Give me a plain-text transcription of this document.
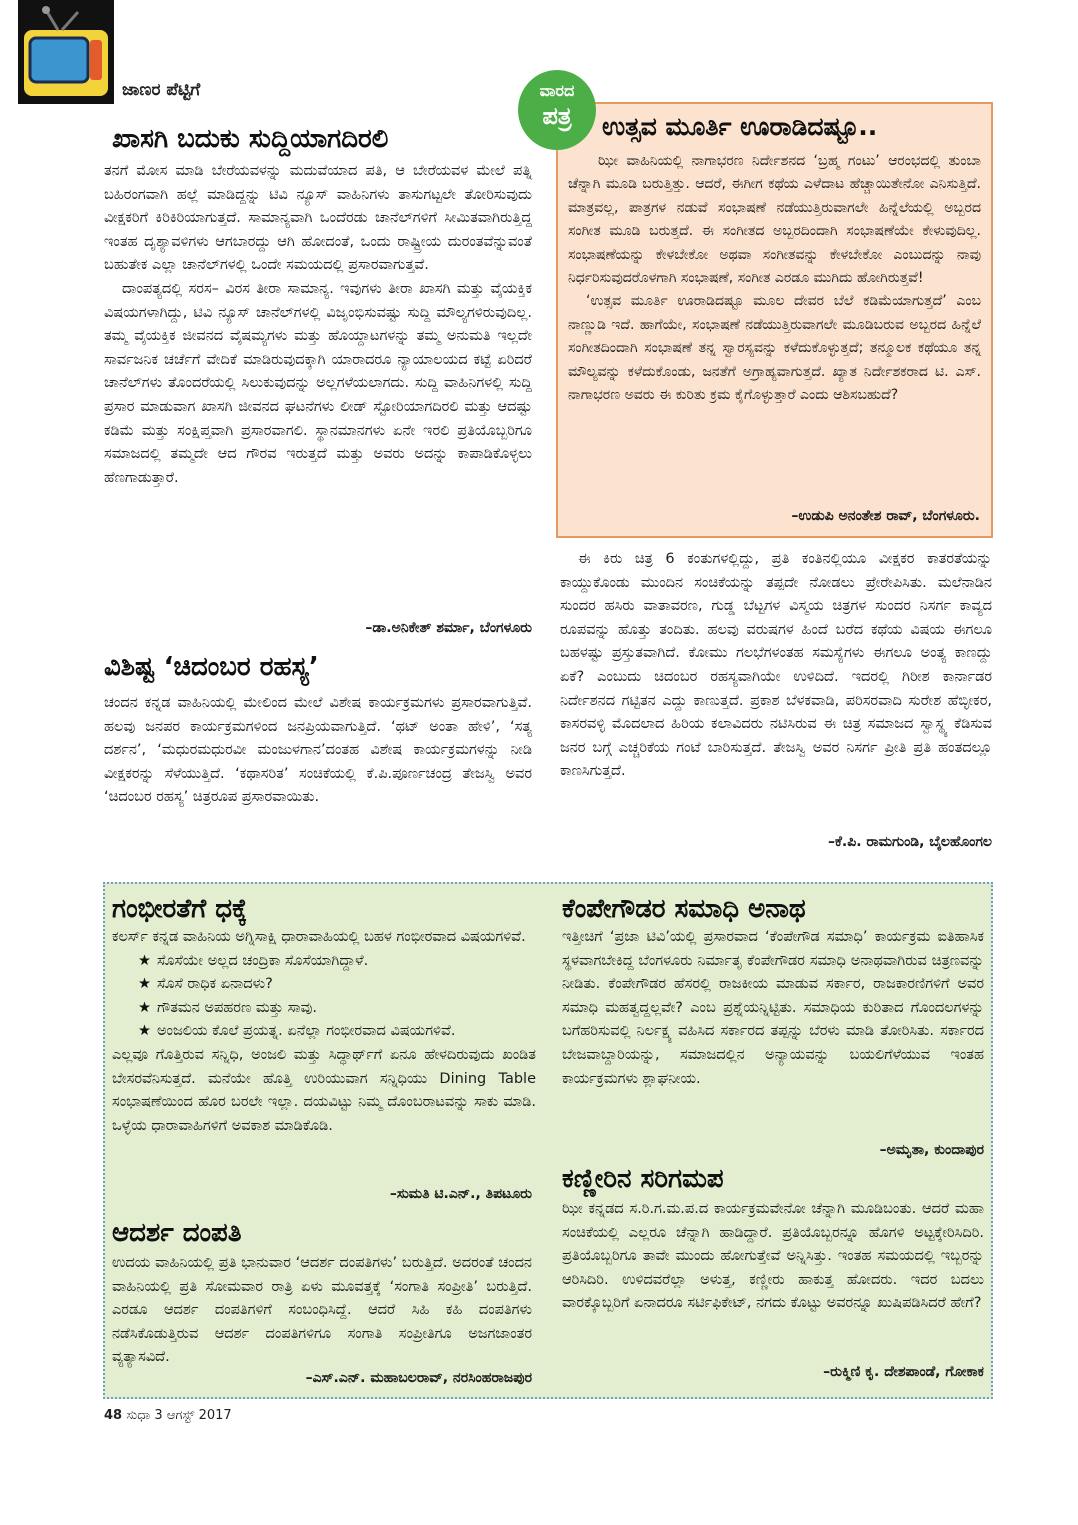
ಜಾಣರ ಪೆಟ್ಟಿಗೆ
ಖಾಸಗಿ ಬದುಕು ಸುದ್ದಿಯಾಗದಿರಲಿ

ತನಗೆ ಮೋಸ ಮಾಡಿ ಬೇರೆಯವಳನ್ನು ಮದುವೆಯಾದ ಪತಿ, ಆ ಬೇರೆಯವಳ ಮೇಲೆ ಪತ್ನಿ ಬಹಿರಂಗವಾಗಿ ಹಲ್ಲೆ ಮಾಡಿದ್ದನ್ನು ಟಿವಿ ನ್ಯೂಸ್ ವಾಹಿನಿಗಳು ತಾಸುಗಟ್ಟಲೇ ತೋರಿಸುವುದು ವೀಕ್ಷಕರಿಗೆ ಕಿರಿಕಿರಿಯಾಗುತ್ತದೆ. ಸಾಮಾನ್ಯವಾಗಿ ಒಂದೆರಡು ಚಾನೆಲ್‌ಗಳಿಗೆ ಸೀಮಿತವಾಗಿರುತ್ತಿದ್ದ ಇಂತಹ ದೃಶ್ಯಾವಳಿಗಳು ಆಗಬಾರದ್ದು ಆಗಿ ಹೋದಂತೆ, ಒಂದು ರಾಷ್ಟ್ರೀಯ ದುರಂತವೆನ್ನುವಂತೆ ಬಹುತೇಕ ಎಲ್ಲಾ ಚಾನೆಲ್‌ಗಳಲ್ಲಿ ಒಂದೇ ಸಮಯದಲ್ಲಿ ಪ್ರಸಾರವಾಗುತ್ತವೆ.

ದಾಂಪತ್ಯದಲ್ಲಿ ಸರಸ– ವಿರಸ ತೀರಾ ಸಾಮಾನ್ಯ. ಇವುಗಳು ತೀರಾ ಖಾಸಗಿ ಮತ್ತು ವೈಯಕ್ತಿಕ ವಿಷಯಗಳಾಗಿದ್ದು, ಟಿವಿ ನ್ಯೂಸ್ ಚಾನೆಲ್‌ಗಳಲ್ಲಿ ವಿಜೃಂಭಿಸುವಷ್ಟು ಸುದ್ದಿ ಮೌಲ್ಯಗಳಿರುವುದಿಲ್ಲ. ತಮ್ಮ ವೈಯಕ್ತಿಕ ಜೀವನದ ವೈಷಮ್ಯಗಳು ಮತ್ತು ಹೊಯ್ದಾಟಗಳನ್ನು ತಮ್ಮ ಅನುಮತಿ ಇಲ್ಲದೇ ಸಾರ್ವಜನಿಕ ಚರ್ಚೆಗೆ ವೇದಿಕೆ ಮಾಡಿರುವುದಕ್ಕಾಗಿ ಯಾರಾದರೂ ನ್ಯಾಯಾಲಯದ ಕಟ್ಟೆ ಏರಿದರೆ ಚಾನೆಲ್‌ಗಳು ತೊಂದರೆಯಲ್ಲಿ ಸಿಲುಕುವುದನ್ನು ಅಲ್ಲಗಳೆಯಲಾಗದು. ಸುದ್ದಿ ವಾಹಿನಿಗಳಲ್ಲಿ ಸುದ್ದಿ ಪ್ರಸಾರ ಮಾಡುವಾಗ ಖಾಸಗಿ ಜೀವನದ ಘಟನೆಗಳು ಲೀಡ್ ಸ್ಟೋರಿಯಾಗದಿರಲಿ ಮತ್ತು ಆದಷ್ಟು ಕಡಿಮೆ ಮತ್ತು ಸಂಕ್ಷಿಪ್ತವಾಗಿ ಪ್ರಸಾರವಾಗಲಿ. ಸ್ಥಾನಮಾನಗಳು ಏನೇ ಇರಲಿ ಪ್ರತಿಯೊಬ್ಬರಿಗೂ ಸಮಾಜದಲ್ಲಿ ತಮ್ಮದೇ ಆದ ಗೌರವ ಇರುತ್ತದೆ ಮತ್ತು ಅವರು ಅದನ್ನು ಕಾಪಾಡಿಕೊಳ್ಳಲು ಹೆಣಗಾಡುತ್ತಾರೆ.

–ಡಾ.ಅನಿಕೇತ್ ಶರ್ಮಾ, ಬೆಂಗಳೂರು
ವಿಶಿಷ್ಟ ‘ಚಿದಂಬರ ರಹಸ್ಯ’

ಚಂದನ ಕನ್ನಡ ವಾಹಿನಿಯಲ್ಲಿ ಮೇಲಿಂದ ಮೇಲೆ ವಿಶೇಷ ಕಾರ್ಯಕ್ರಮಗಳು ಪ್ರಸಾರವಾಗುತ್ತಿವೆ. ಹಲವು ಜನಪರ ಕಾರ್ಯಕ್ರಮಗಳಿಂದ ಜನಪ್ರಿಯವಾಗುತ್ತಿದೆ. ‘ಥಟ್ ಅಂತಾ ಹೇಳಿ’, ‘ಸತ್ಯ ದರ್ಶನ’, ‘ಮಧುರಮಧುರವೀ ಮಂಜುಳಗಾನ’ದಂತಹ ವಿಶೇಷ ಕಾರ್ಯಕ್ರಮಗಳನ್ನು ನೀಡಿ ವೀಕ್ಷಕರನ್ನು ಸೆಳೆಯುತ್ತಿದೆ. ‘ಕಥಾಸರಿತ’ ಸಂಚಿಕೆಯಲ್ಲಿ ಕೆ.ಪಿ.ಪೂರ್ಣಚಂದ್ರ ತೇಜಸ್ವಿ ಅವರ ‘ಚಿದಂಬರ ರಹಸ್ಯ’ ಚಿತ್ರರೂಪ ಪ್ರಸಾರವಾಯಿತು.

ವಾರದ
ಪತ್ರ	ಉತ್ಸವ ಮೂರ್ತಿ ಊರಾಡಿದಷ್ಟೂ..

ಝೀ ವಾಹಿನಿಯಲ್ಲಿ ನಾಗಾಭರಣ ನಿರ್ದೇಶನದ ‘ಬ್ರಹ್ಮ ಗಂಟು’ ಆರಂಭದಲ್ಲಿ ತುಂಬಾ ಚೆನ್ನಾಗಿ ಮೂಡಿ ಬರುತ್ತಿತ್ತು. ಆದರೆ, ಈಗೀಗ ಕಥೆಯ ಎಳೆದಾಟ ಹೆಚ್ಚಾಯಿತೇನೋ ಎನಿಸುತ್ತಿದೆ. ಮಾತ್ರವಲ್ಲ, ಪಾತ್ರಗಳ ನಡುವೆ ಸಂಭಾಷಣೆ ನಡೆಯುತ್ತಿರುವಾಗಲೇ ಹಿನ್ನೆಲೆಯಲ್ಲಿ ಅಬ್ಬರದ ಸಂಗೀತ ಮೂಡಿ ಬರುತ್ತದೆ. ಈ ಸಂಗೀತದ ಅಬ್ಬರದಿಂದಾಗಿ ಸಂಭಾಷಣೆಯೇ ಕೇಳುವುದಿಲ್ಲ. ಸಂಭಾಷಣೆಯನ್ನು ಕೇಳಬೇಕೋ ಅಥವಾ ಸಂಗೀತವನ್ನು ಕೇಳಬೇಕೋ ಎಂಬುದನ್ನು ನಾವು ನಿರ್ಧರಿಸುವುದರೊಳಗಾಗಿ ಸಂಭಾಷಣೆ, ಸಂಗೀತ ಎರಡೂ ಮುಗಿದು ಹೋಗಿರುತ್ತವೆ!

‘ಉತ್ಸವ ಮೂರ್ತಿ ಊರಾಡಿದಷ್ಟೂ ಮೂಲ ದೇವರ ಬೆಲೆ ಕಡಿಮೆಯಾಗುತ್ತದೆ’ ಎಂಬ ನಾಣ್ಣುಡಿ ಇದೆ. ಹಾಗೆಯೇ, ಸಂಭಾಷಣೆ ನಡೆಯುತ್ತಿರುವಾಗಲೇ ಮೂಡಿಬರುವ ಅಬ್ಬರದ ಹಿನ್ನೆಲೆ ಸಂಗೀತದಿಂದಾಗಿ ಸಂಭಾಷಣೆ ತನ್ನ ಸ್ವಾರಸ್ಯವನ್ನು ಕಳೆದುಕೊಳ್ಳುತ್ತದೆ; ತನ್ಮೂಲಕ ಕಥೆಯೂ ತನ್ನ ಮೌಲ್ಯವನ್ನು ಕಳೆದುಕೊಂಡು, ಜನತೆಗೆ ಅಗ್ರಾಹ್ಯವಾಗುತ್ತದೆ. ಖ್ಯಾತ ನಿರ್ದೇಶಕರಾದ ಟಿ. ಎಸ್. ನಾಗಾಭರಣ ಅವರು ಈ ಕುರಿತು ಕ್ರಮ ಕೈಗೊಳ್ಳುತ್ತಾರೆ ಎಂದು ಆಶಿಸಬಹುದೆ?

–ಉಡುಪಿ ಅನಂತೇಶ ರಾವ್, ಬೆಂಗಳೂರು.

ಈ ಕಿರು ಚಿತ್ರ 6 ಕಂತುಗಳಲ್ಲಿದ್ದು, ಪ್ರತಿ ಕಂತಿನಲ್ಲಿಯೂ ವೀಕ್ಷಕರ ಕಾತರತೆಯನ್ನು ಕಾಯ್ದುಕೊಂಡು ಮುಂದಿನ ಸಂಚಿಕೆಯನ್ನು ತಪ್ಪದೇ ನೋಡಲು ಪ್ರೇರೇಪಿಸಿತು. ಮಲೆನಾಡಿನ ಸುಂದರ ಹಸಿರು ವಾತಾವರಣ, ಗುಡ್ಡ ಬೆಟ್ಟಗಳ ವಿಸ್ಮಯ ಚಿತ್ರಗಳ ಸುಂದರ ನಿಸರ್ಗ ಕಾವ್ಯದ ರೂಪವನ್ನು ಹೊತ್ತು ತಂದಿತು. ಹಲವು ವರುಷಗಳ ಹಿಂದೆ ಬರೆದ ಕಥೆಯ ವಿಷಯ ಈಗಲೂ ಬಹಳಷ್ಟು ಪ್ರಸ್ತುತವಾಗಿದೆ. ಕೋಮು ಗಲಭೆಗಳಂತಹ ಸಮಸ್ಯೆಗಳು ಈಗಲೂ ಅಂತ್ಯ ಕಾಣದ್ದು ಏಕೆ? ಎಂಬುದು ಚಿದಂಬರ ರಹಸ್ಯವಾಗಿಯೇ ಉಳಿದಿದೆ. ಇದರಲ್ಲಿ ಗಿರೀಶ ಕಾರ್ನಾಡರ ನಿರ್ದೇಶನದ ಗಟ್ಟಿತನ ಎದ್ದು ಕಾಣುತ್ತದೆ. ಪ್ರಕಾಶ ಬೆಳಕವಾಡಿ, ಪರಿಸರವಾದಿ ಸುರೇಶ ಹೆಬ್ಳೀಕರ, ಕಾಸರವಳ್ಳಿ ಮೊದಲಾದ ಹಿರಿಯ ಕಲಾವಿದರು ನಟಿಸಿರುವ ಈ ಚಿತ್ರ ಸಮಾಜದ ಸ್ವಾಸ್ಥ್ಯ ಕೆಡಿಸುವ ಜನರ ಬಗ್ಗೆ ಎಚ್ಚರಿಕೆಯ ಗಂಟೆ ಬಾರಿಸುತ್ತದೆ. ತೇಜಸ್ವಿ ಅವರ ನಿಸರ್ಗ ಪ್ರೀತಿ ಪ್ರತಿ ಹಂತದಲ್ಲೂ ಕಾಣಸಿಗುತ್ತದೆ.

–ಕೆ.ಪಿ. ರಾಮಗುಂಡಿ, ಬೈಲಹೊಂಗಲ
ಗಂಭೀರತೆಗೆ ಧಕ್ಕೆ
ಕಲರ್ಸ್ ಕನ್ನಡ ವಾಹಿನಿಯ ಅಗ್ನಿಸಾಕ್ಷಿ ಧಾರಾವಾಹಿಯಲ್ಲಿ ಬಹಳ ಗಂಭೀರವಾದ ವಿಷಯಗಳಿವೆ.
★ ಸೊಸೆಯೇ ಅಲ್ಲದ ಚಂದ್ರಿಕಾ ಸೊಸೆಯಾಗಿದ್ದಾಳೆ.
★ ಸೊಸೆ ರಾಧಿಕ ಏನಾದಳು?
★ ಗೌತಮನ ಅಪಹರಣ ಮತ್ತು ಸಾವು.
★ ಅಂಜಲಿಯ ಕೊಲೆ ಪ್ರಯತ್ನ. ಏನೆಲ್ಲಾ ಗಂಭೀರವಾದ ವಿಷಯಗಳಿವೆ.
ಎಲ್ಲವೂ ಗೊತ್ತಿರುವ ಸನ್ನಿಧಿ, ಅಂಜಲಿ ಮತ್ತು ಸಿದ್ಧಾರ್ಥ್‌ಗೆ ಏನೂ ಹೇಳದಿರುವುದು ಖಂಡಿತ ಬೇಸರವೆನಿಸುತ್ತದೆ. ಮನೆಯೇ ಹೊತ್ತಿ ಉರಿಯುವಾಗ ಸನ್ನಿಧಿಯು Dining Table ಸಂಭಾಷಣೆಯಿಂದ ಹೊರ ಬರಲೇ ಇಲ್ಲಾ. ದಯವಿಟ್ಟು ನಿಮ್ಮ ದೊಂಬರಾಟವನ್ನು ಸಾಕು ಮಾಡಿ. ಒಳ್ಳೆಯ ಧಾರಾವಾಹಿಗಳಿಗೆ ಅವಕಾಶ ಮಾಡಿಕೊಡಿ.
–ಸುಮತಿ ಟಿ.ಎನ್., ತಿಪಟೂರು
ಆದರ್ಶ ದಂಪತಿ
ಉದಯ ವಾಹಿನಿಯಲ್ಲಿ ಪ್ರತಿ ಭಾನುವಾರ ‘ಆದರ್ಶ ದಂಪತಿಗಳು’ ಬರುತ್ತಿದೆ. ಅದರಂತೆ ಚಂದನ ವಾಹಿನಿಯಲ್ಲಿ ಪ್ರತಿ ಸೋಮವಾರ ರಾತ್ರಿ ಏಳು ಮೂವತ್ತಕ್ಕೆ ‘ಸಂಗಾತಿ ಸಂಪ್ರೀತಿ’ ಬರುತ್ತಿದೆ. ಎರಡೂ ಆದರ್ಶ ದಂಪತಿಗಳಿಗೆ ಸಂಬಂಧಿಸಿದ್ದೆ. ಆದರೆ ಸಿಹಿ ಕಹಿ ದಂಪತಿಗಳು ನಡೆಸಿಕೊಡುತ್ತಿರುವ ಆದರ್ಶ ದಂಪತಿಗಳಿಗೂ ಸಂಗಾತಿ ಸಂಪ್ರೀತಿಗೂ ಅಜಗಜಾಂತರ ವ್ಯತ್ಯಾಸವಿದೆ.
–ಎಸ್.ಎನ್. ಮಹಾಬಲರಾವ್, ನರಸಿಂಹರಾಜಪುರ
ಕೆಂಪೇಗೌಡರ ಸಮಾಧಿ ಅನಾಥ
ಇತ್ತೀಚಿಗೆ ‘ಪ್ರಜಾ ಟಿವಿ’ಯಲ್ಲಿ ಪ್ರಸಾರವಾದ ‘ಕೆಂಪೇಗೌಡ ಸಮಾಧಿ’ ಕಾರ್ಯಕ್ರಮ ಐತಿಹಾಸಿಕ ಸ್ಥಳವಾಗಬೇಕಿದ್ದ ಬೆಂಗಳೂರು ನಿರ್ಮಾತೃ ಕೆಂಪೇಗೌಡರ ಸಮಾಧಿ ಅನಾಥವಾಗಿರುವ ಚಿತ್ರಣವನ್ನು ನೀಡಿತು. ಕೆಂಪೇಗೌಡರ ಹೆಸರಲ್ಲಿ ರಾಜಕೀಯ ಮಾಡುವ ಸರ್ಕಾರ, ರಾಜಕಾರಣಿಗಳಿಗೆ ಅವರ ಸಮಾಧಿ ಮಹತ್ವದ್ದಲ್ಲವೇ? ಎಂಬ ಪ್ರಶ್ನೆಯನ್ನಿಟ್ಟಿತು. ಸಮಾಧಿಯ ಕುರಿತಾದ ಗೊಂದಲಗಳನ್ನು ಬಗೆಹರಿಸುವಲ್ಲಿ ನಿರ್ಲಕ್ಷ್ಯ ವಹಿಸಿದ ಸರ್ಕಾರದ ತಪ್ಪನ್ನು ಬೆರಳು ಮಾಡಿ ತೋರಿಸಿತು. ಸರ್ಕಾರದ ಬೇಜವಾಬ್ದಾರಿಯನ್ನು, ಸಮಾಜದಲ್ಲಿನ ಅನ್ಯಾಯವನ್ನು ಬಯಲಿಗೆಳೆಯುವ ಇಂತಹ ಕಾರ್ಯಕ್ರಮಗಳು ಶ್ಲಾಘನೀಯ.
–ಅಮೃತಾ, ಕುಂದಾಪುರ
ಕಣ್ಣೀರಿನ ಸರಿಗಮಪ
ಝೀ ಕನ್ನಡದ ಸ.ರಿ.ಗ.ಮ.ಪ.ದ ಕಾರ್ಯಕ್ರಮವೇನೋ ಚೆನ್ನಾಗಿ ಮೂಡಿಬಂತು. ಆದರೆ ಮಹಾ ಸಂಚಿಕೆಯಲ್ಲಿ ಎಲ್ಲರೂ ಚೆನ್ನಾಗಿ ಹಾಡಿದ್ದಾರೆ. ಪ್ರತಿಯೊಬ್ಬರನ್ನೂ ಹೊಗಳಿ ಅಟ್ಟಕ್ಕೇರಿಸಿದಿರಿ. ಪ್ರತಿಯೊಬ್ಬರಿಗೂ ತಾವೇ ಮುಂದು ಹೋಗುತ್ತೇವೆ ಅನ್ನಿಸಿತ್ತು. ಇಂತಹ ಸಮಯದಲ್ಲಿ ಇಬ್ಬರನ್ನು ಆರಿಸಿದಿರಿ. ಉಳಿದವರೆಲ್ಲಾ ಅಳುತ್ತ, ಕಣ್ಣೀರು ಹಾಕುತ್ತ ಹೋದರು. ಇದರ ಬದಲು ವಾರಕ್ಕೊಬ್ಬರಿಗೆ ಏನಾದರೂ ಸರ್ಟಿಫಿಕೇಟ್, ನಗದು ಕೊಟ್ಟು ಅವರನ್ನೂ ಖುಷಿಪಡಿಸಿದರೆ ಹೇಗೆ?
–ರುಕ್ಮಿಣಿ ಕೃ. ದೇಶಪಾಂಡೆ, ಗೋಕಾಕ
48 ಸುಧಾ 3 ಆಗಸ್ಟ್ 2017
